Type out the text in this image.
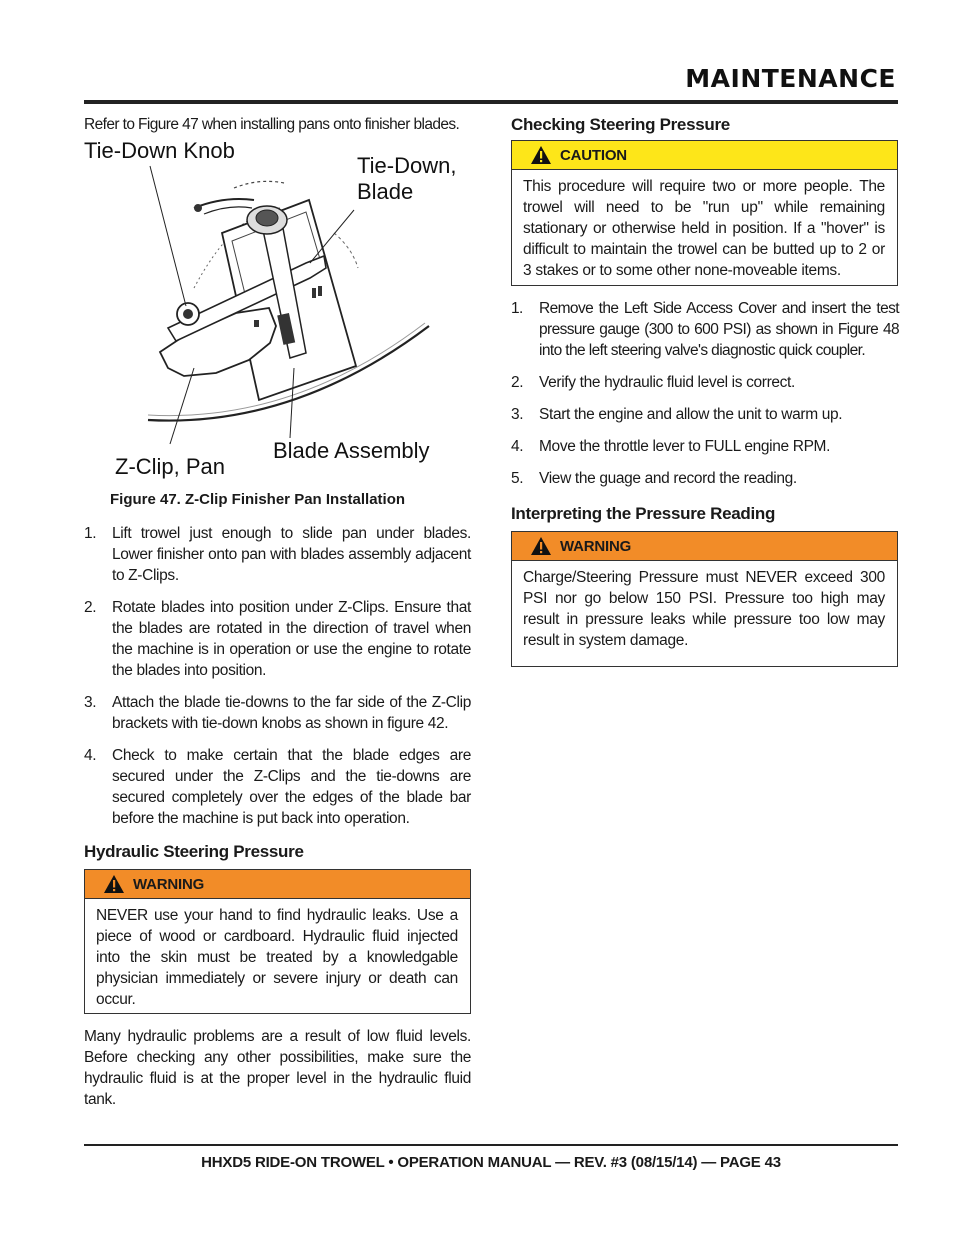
MAINTENANCE
Refer to Figure 47 when installing pans onto finisher blades.
Tie-Down Knob
Tie-Down,
Blade
Blade Assembly
Z-Clip, Pan
Figure 47. Z-Clip Finisher Pan Installation
1. Lift trowel just enough to slide pan under blades. Lower finisher onto pan with blades assembly adjacent to Z-Clips.
2. Rotate blades into position under Z-Clips. Ensure that the blades are rotated in the direction of travel when the machine is in operation or use the engine to rotate the blades into position.
3. Attach the blade tie-downs to the far side of the Z-Clip brackets with tie-down knobs as shown in figure 42.
4. Check to make certain that the blade edges are secured under the Z-Clips and the tie-downs are secured completely over the edges of the blade bar before the machine is put back into operation.
Hydraulic Steering Pressure
WARNING
NEVER use your hand to find hydraulic leaks. Use a piece of wood or cardboard. Hydraulic fluid injected into the skin must be treated by a knowledgable physician immediately or severe injury or death can occur.
Many hydraulic problems are a result of low fluid levels. Before checking any other possibilities, make sure the hydraulic fluid is at the proper level in the hydraulic fluid tank.
Checking Steering Pressure
CAUTION
This procedure will require two or more people. The trowel will need to be "run up" while remaining stationary or otherwise held in position. If a "hover" is difficult to maintain the trowel can be butted up to 2 or 3 stakes or to some other none-moveable items.
1. Remove the Left Side Access Cover and insert the test pressure gauge (300 to 600 PSI) as shown in Figure 48 into the left steering valve's diagnostic quick coupler.
2. Verify the hydraulic fluid level is correct.
3. Start the engine and allow the unit to warm up.
4. Move the throttle lever to FULL engine RPM.
5. View the guage and record the reading.
Interpreting the Pressure Reading
WARNING
Charge/Steering Pressure must NEVER exceed 300 PSI nor go below 150 PSI. Pressure too high may result in pressure leaks while pressure too low may result in system damage.
HHXD5 RIDE-ON TROWEL • OPERATION MANUAL — REV. #3 (08/15/14) — PAGE 43
